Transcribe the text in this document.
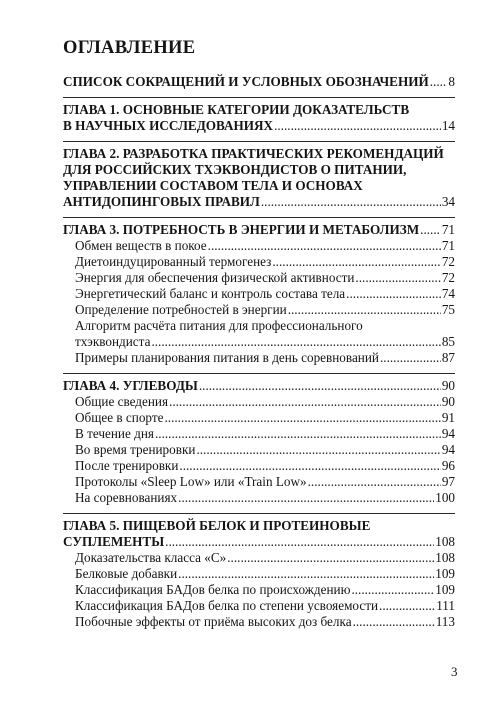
ОГЛАВЛЕНИЕ
СПИСОК СОКРАЩЕНИЙ И УСЛОВНЫХ ОБОЗНАЧЕНИЙ ..... 8
ГЛАВА 1. ОСНОВНЫЕ КАТЕГОРИИ ДОКАЗАТЕЛЬСТВ
В НАУЧНЫХ ИССЛЕДОВАНИЯХ .....	14
ГЛАВА 2. РАЗРАБОТКА ПРАКТИЧЕСКИХ РЕКОМЕНДАЦИЙ
ДЛЯ РОССИЙСКИХ ТХЭКВОНДИСТОВ О ПИТАНИИ,
УПРАВЛЕНИИ СОСТАВОМ ТЕЛА И ОСНОВАХ
АНТИДОПИНГОВЫХ ПРАВИЛ .....	34
ГЛАВА 3. ПОТРЕБНОСТЬ В ЭНЕРГИИ И МЕТАБОЛИЗМ ..... 71
Обмен веществ в покое .....	71
Диетоиндуцированный термогенез .....	72
Энергия для обеспечения физической активности .....	72
Энергетический баланс и контроль состава тела .....	74
Определение потребностей в энергии .....	75
Алгоритм расчёта питания для профессионального
тхэквондиста .....	85
Примеры планирования питания в день соревнований .....	87
ГЛАВА 4. УГЛЕВОДЫ .....	90
Общие сведения .....	90
Общее в спорте .....	91
В течение дня .....	94
Во время тренировки .....	94
После тренировки .....	96
Протоколы «Sleep Low» или «Train Low» .....	97
На соревнованиях .....	100
ГЛАВА 5. ПИЩЕВОЙ БЕЛОК И ПРОТЕИНОВЫЕ
СУПЛЕМЕНТЫ .....	108
Доказательства класса «С» .....	108
Белковые добавки .....	109
Классификация БАДов белка по происхождению .....	109
Классификация БАДов белка по степени усвояемости .....	111
Побочные эффекты от приёма высоких доз белка .....	113
3
